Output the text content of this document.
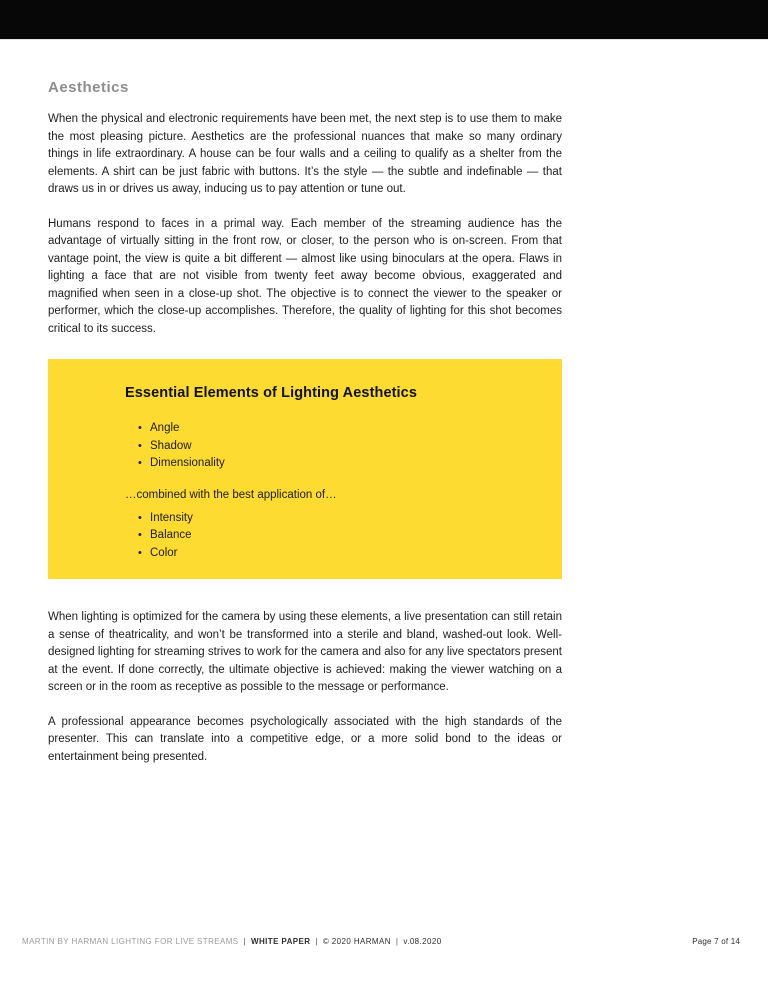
Aesthetics

When the physical and electronic requirements have been met, the next step is to use them to make the most pleasing picture. Aesthetics are the professional nuances that make so many ordinary things in life extraordinary. A house can be four walls and a ceiling to qualify as a shelter from the elements. A shirt can be just fabric with buttons. It’s the style — the subtle and indefinable — that draws us in or drives us away, inducing us to pay attention or tune out.

Humans respond to faces in a primal way. Each member of the streaming audience has the advantage of virtually sitting in the front row, or closer, to the person who is on-screen. From that vantage point, the view is quite a bit different — almost like using binoculars at the opera. Flaws in lighting a face that are not visible from twenty feet away become obvious, exaggerated and magnified when seen in a close-up shot. The objective is to connect the viewer to the speaker or performer, which the close-up accomplishes. Therefore, the quality of lighting for this shot becomes critical to its success.

Essential Elements of Lighting Aesthetics
• Angle
• Shadow
• Dimensionality
…combined with the best application of…
• Intensity
• Balance
• Color

When lighting is optimized for the camera by using these elements, a live presentation can still retain a sense of theatricality, and won’t be transformed into a sterile and bland, washed-out look. Well-designed lighting for streaming strives to work for the camera and also for any live spectators present at the event. If done correctly, the ultimate objective is achieved: making the viewer watching on a screen or in the room as receptive as possible to the message or performance.

A professional appearance becomes psychologically associated with the high standards of the presenter. This can translate into a competitive edge, or a more solid bond to the ideas or entertainment being presented.

MARTIN BY HARMAN LIGHTING FOR LIVE STREAMS | WHITE PAPER | © 2020 HARMAN | v.08.2020	Page 7 of 14
